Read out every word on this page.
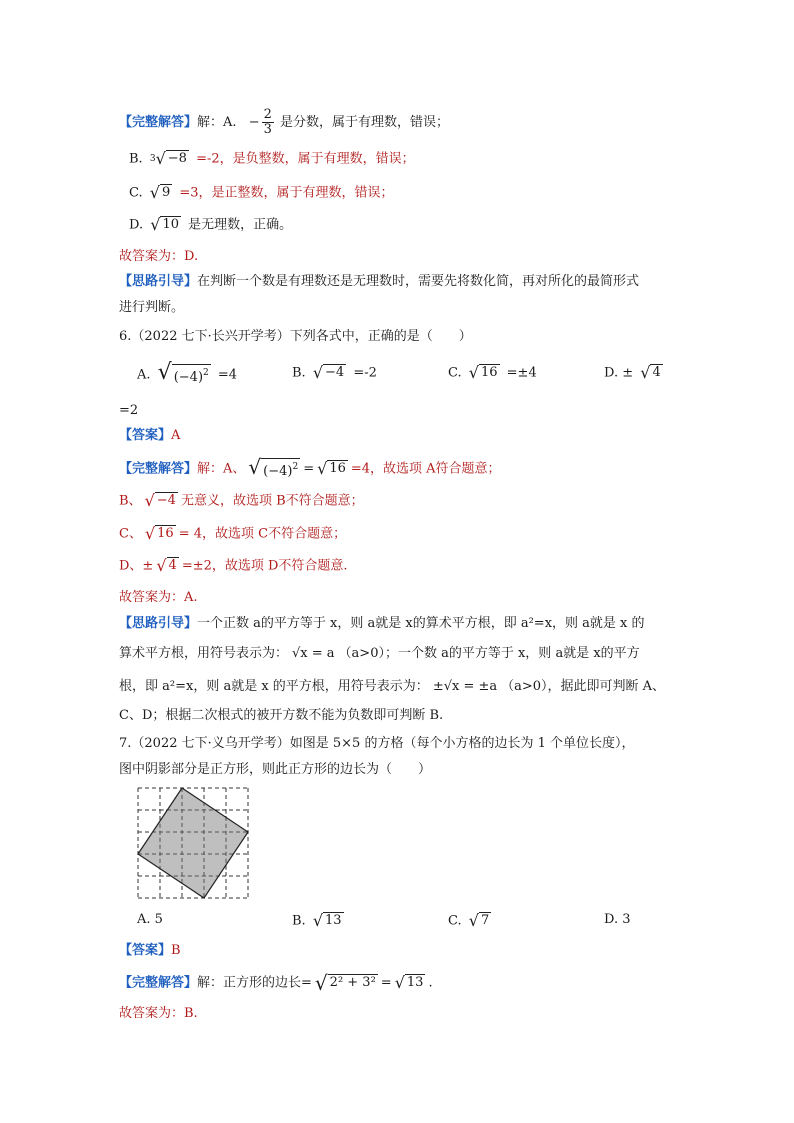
【完整解答】解：A. − $\frac{2}{3}$ 是分数，属于有理数，错误；
B. 3 √ −8 =-2，是负整数，属于有理数，错误；
C. √ 9 =3，是正整数，属于有理数，错误；
D. √ 10 是无理数，正确。
故答案为：D.
【思路引导】在判断一个数是有理数还是无理数时，需要先将数化简，再对所化的最简形式
进行判断。
6.（2022 七下·长兴开学考）下列各式中，正确的是（　　）
A. √ $(-4)^2 =4$	B. √ −4 =-2	C. √ 16 =±4	D. ± √ 4
=2
【答案】A
【完整解答】解：A、 √ $(-4)^2$ = √ 16 =4，故选项 A符合题意；
B、 √ −4 无意义，故选项 B不符合题意；
C、 √ 16 = 4，故选项 C不符合题意；
D、± √ 4 =±2，故选项 D不符合题意.
故答案为：A.
【思路引导】一个正数 a的平方等于 x，则 a就是 x的算术平方根，即 a²=x，则 a就是 x 的
算术平方根，用符号表示为： √x = a （a>0）；一个数 a的平方等于 x，则 a就是 x的平方
根，即 a²=x，则 a就是 x 的平方根，用符号表示为： ±√x = ±a （a>0），据此即可判断 A、
C、D；根据二次根式的被开方数不能为负数即可判断 B.
7.（2022 七下·义乌开学考）如图是 5×5 的方格（每个小方格的边长为 1 个单位长度），
图中阴影部分是正方形，则此正方形的边长为（　　）
A. 5	B. √ 13	C. √ 7	D. 3
【答案】B
【完整解答】解：正方形的边长= √ 2² + 3² = √ 13 .
故答案为：B.
